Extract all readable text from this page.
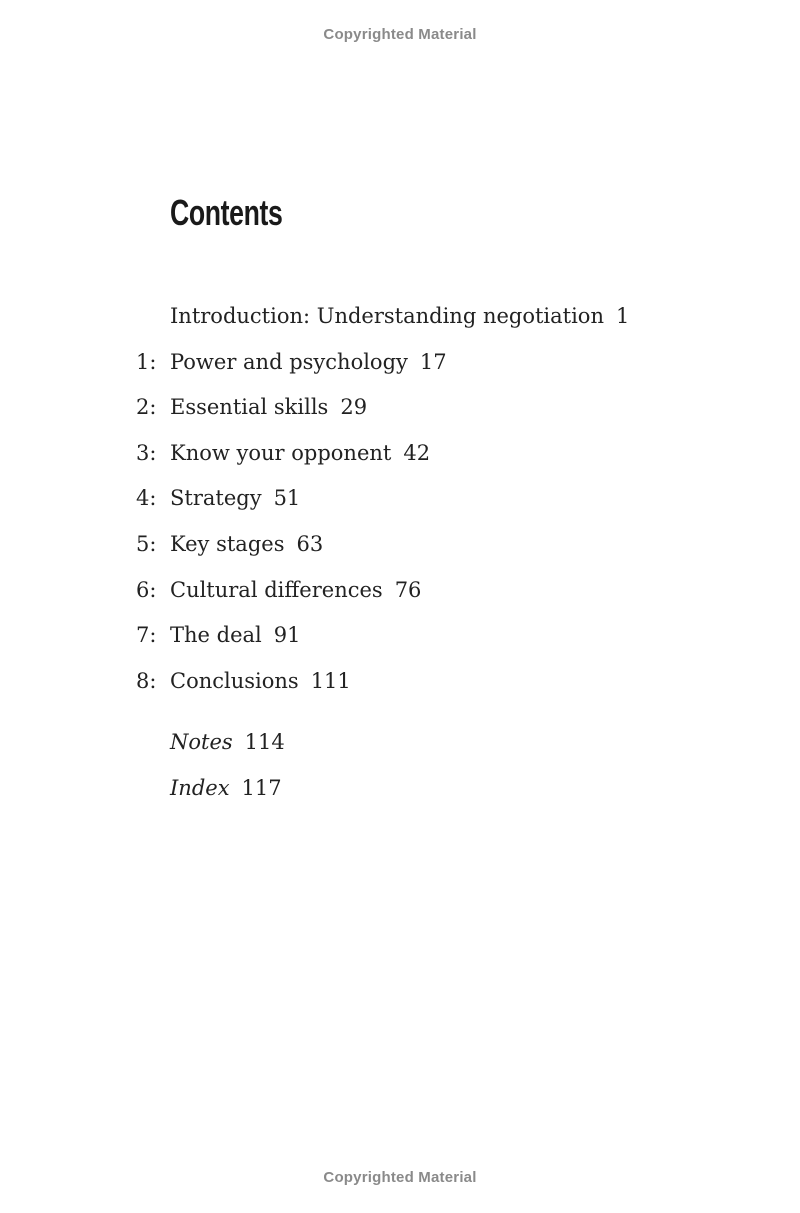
Copyrighted Material
Contents
Introduction: Understanding negotiation 1
1: Power and psychology 17
2: Essential skills 29
3: Know your opponent 42
4: Strategy 51
5: Key stages 63
6: Cultural differences 76
7: The deal 91
8: Conclusions 111
Notes 114
Index 117
Copyrighted Material
